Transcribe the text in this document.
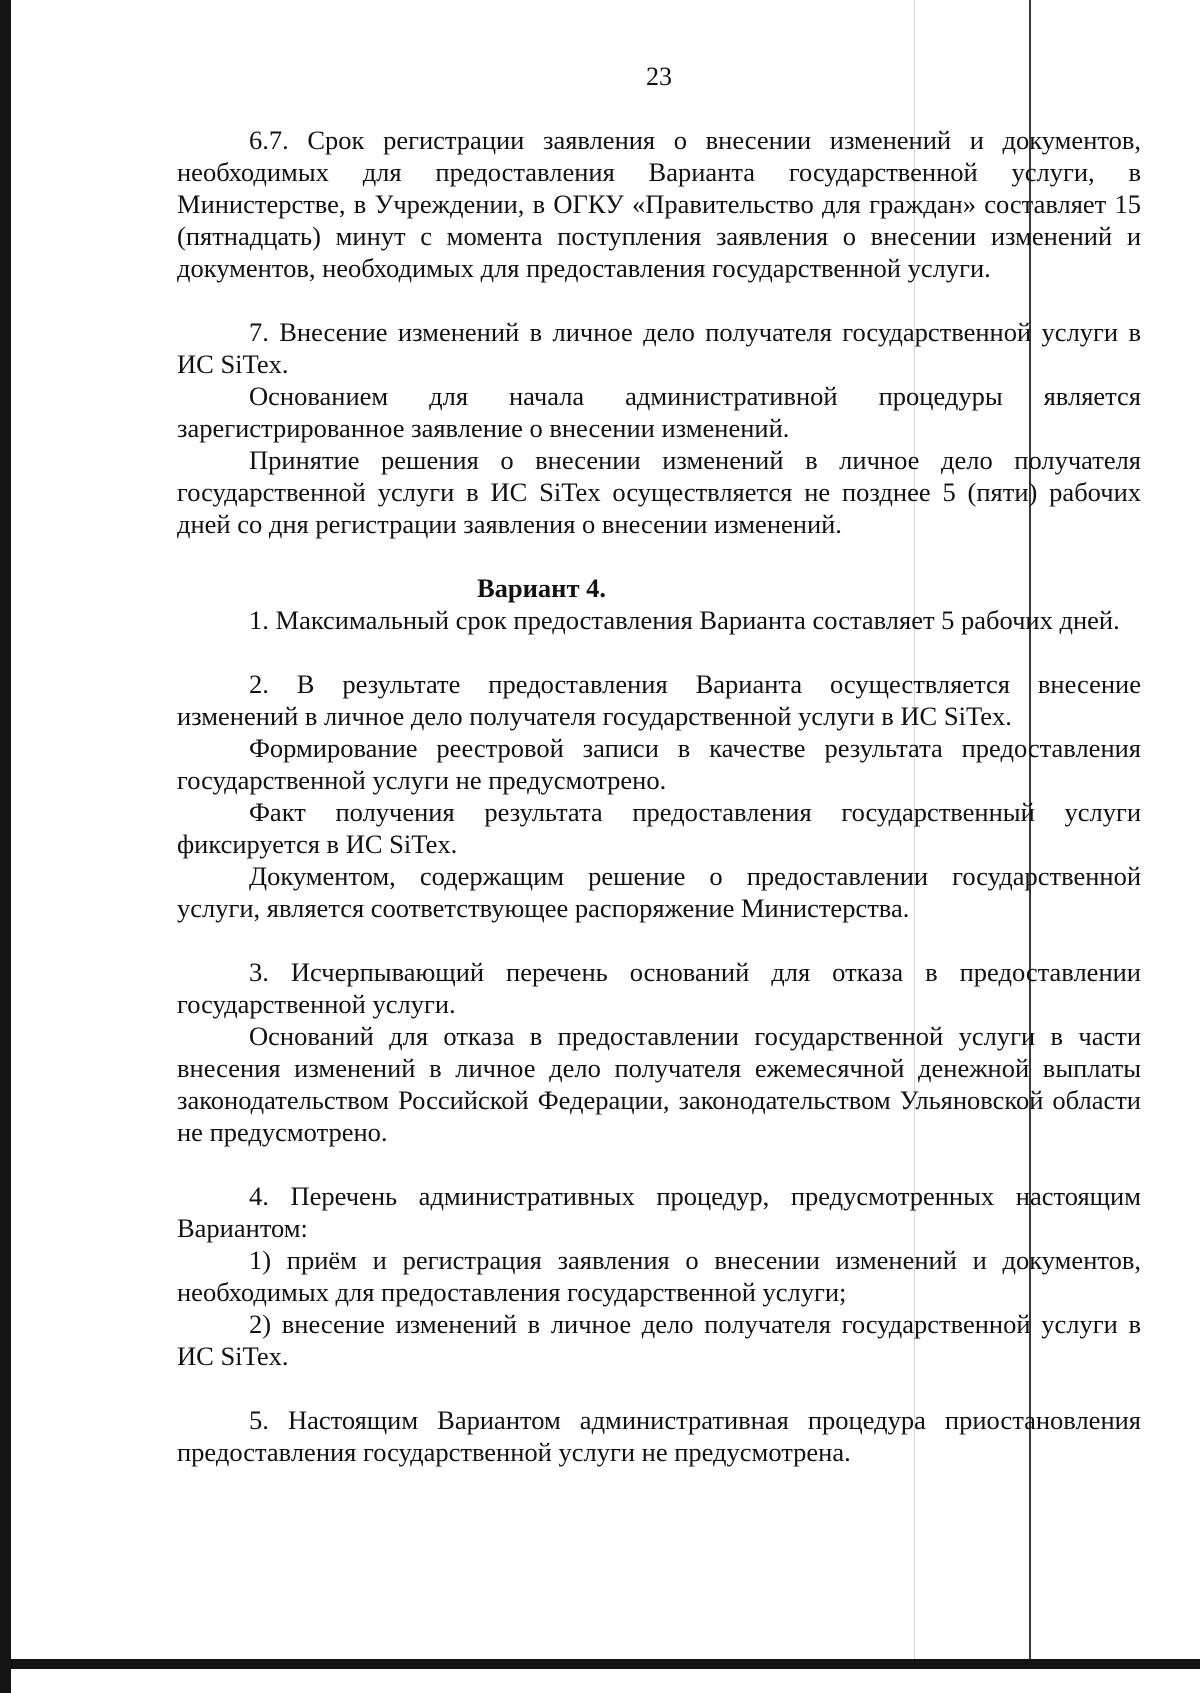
23

6.7. Срок регистрации заявления о внесении изменений и документов, необходимых для предоставления Варианта государственной услуги, в Министерстве, в Учреждении, в ОГКУ «Правительство для граждан» составляет 15 (пятнадцать) минут с момента поступления заявления о внесении изменений и документов, необходимых для предоставления государственной услуги.

7. Внесение изменений в личное дело получателя государственной услуги в ИС SiTex.

Основанием для начала административной процедуры является зарегистрированное заявление о внесении изменений.

Принятие решения о внесении изменений в личное дело получателя государственной услуги в ИС SiTex осуществляется не позднее 5 (пяти) рабочих дней со дня регистрации заявления о внесении изменений.

Вариант 4.

1. Максимальный срок предоставления Варианта составляет 5 рабочих дней.

2. В результате предоставления Варианта осуществляется внесение изменений в личное дело получателя государственной услуги в ИС SiTex.

Формирование реестровой записи в качестве результата предоставления государственной услуги не предусмотрено.

Факт получения результата предоставления государственный услуги фиксируется в ИС SiTex.

Документом, содержащим решение о предоставлении государственной услуги, является соответствующее распоряжение Министерства.

3. Исчерпывающий перечень оснований для отказа в предоставлении государственной услуги.

Оснований для отказа в предоставлении государственной услуги в части внесения изменений в личное дело получателя ежемесячной денежной выплаты законодательством Российской Федерации, законодательством Ульяновской области не предусмотрено.

4. Перечень административных процедур, предусмотренных настоящим Вариантом:

1) приём и регистрация заявления о внесении изменений и документов, необходимых для предоставления государственной услуги;

2) внесение изменений в личное дело получателя государственной услуги в ИС SiTex.

5. Настоящим Вариантом административная процедура приостановления предоставления государственной услуги не предусмотрена.
